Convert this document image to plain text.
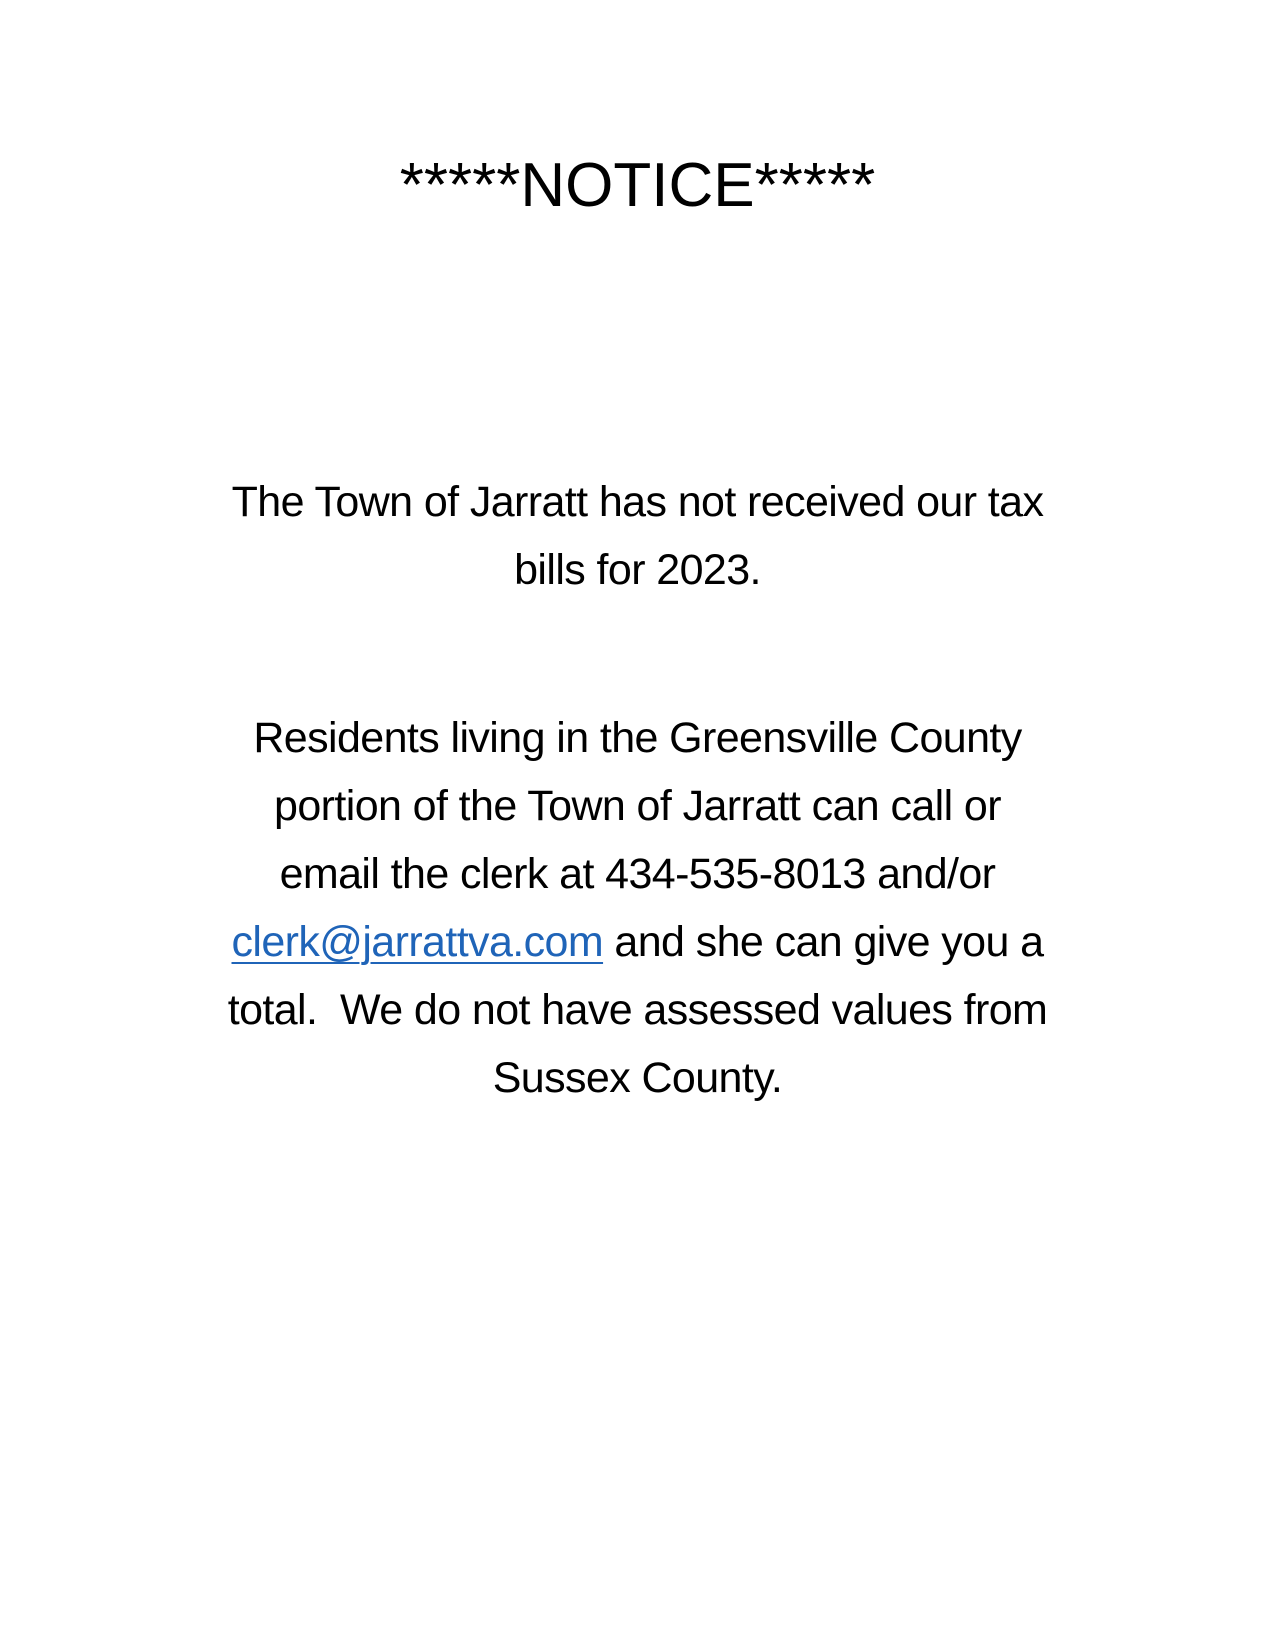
*****NOTICE*****
The Town of Jarratt has not received our tax
bills for 2023.
Residents living in the Greensville County
portion of the Town of Jarratt can call or
email the clerk at 434-535-8013 and/or
clerk@jarrattva.com and she can give you a
total.  We do not have assessed values from
Sussex County.
